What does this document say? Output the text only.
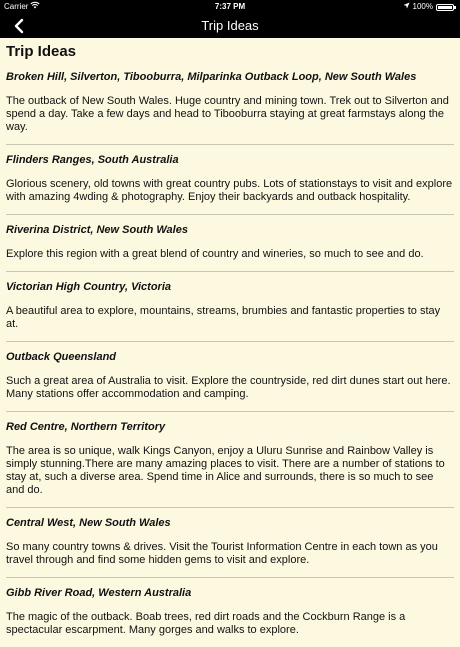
Carrier	7:37 PM	100%
Trip Ideas
Trip Ideas
Broken Hill, Silverton, Tibooburra, Milparinka Outback Loop, New South Wales
The outback of New South Wales. Huge country and mining town. Trek out to Silverton and spend a day. Take a few days and head to Tibooburra staying at great farmstays along the way.
Flinders Ranges, South Australia
Glorious scenery, old towns with great country pubs. Lots of stationstays to visit and explore with amazing 4wding & photography. Enjoy their backyards and outback hospitality.
Riverina District, New South Wales
Explore this region with a great blend of country and wineries, so much to see and do.
Victorian High Country, Victoria
A beautiful area to explore, mountains, streams, brumbies and fantastic properties to stay at.
Outback Queensland
Such a great area of Australia to visit. Explore the countryside, red dirt dunes start out here. Many stations offer accommodation and camping.
Red Centre, Northern Territory
The area is so unique, walk Kings Canyon, enjoy a Uluru Sunrise and Rainbow Valley is simply stunning.There are many amazing places to visit. There are a number of stations to stay at, such a diverse area. Spend time in Alice and surrounds, there is so much to see and do.
Central West, New South Wales
So many country towns & drives. Visit the Tourist Information Centre in each town as you travel through and find some hidden gems to visit and explore.
Gibb River Road, Western Australia
The magic of the outback. Boab trees, red dirt roads and the Cockburn Range is a spectacular escarpment. Many gorges and walks to explore.
